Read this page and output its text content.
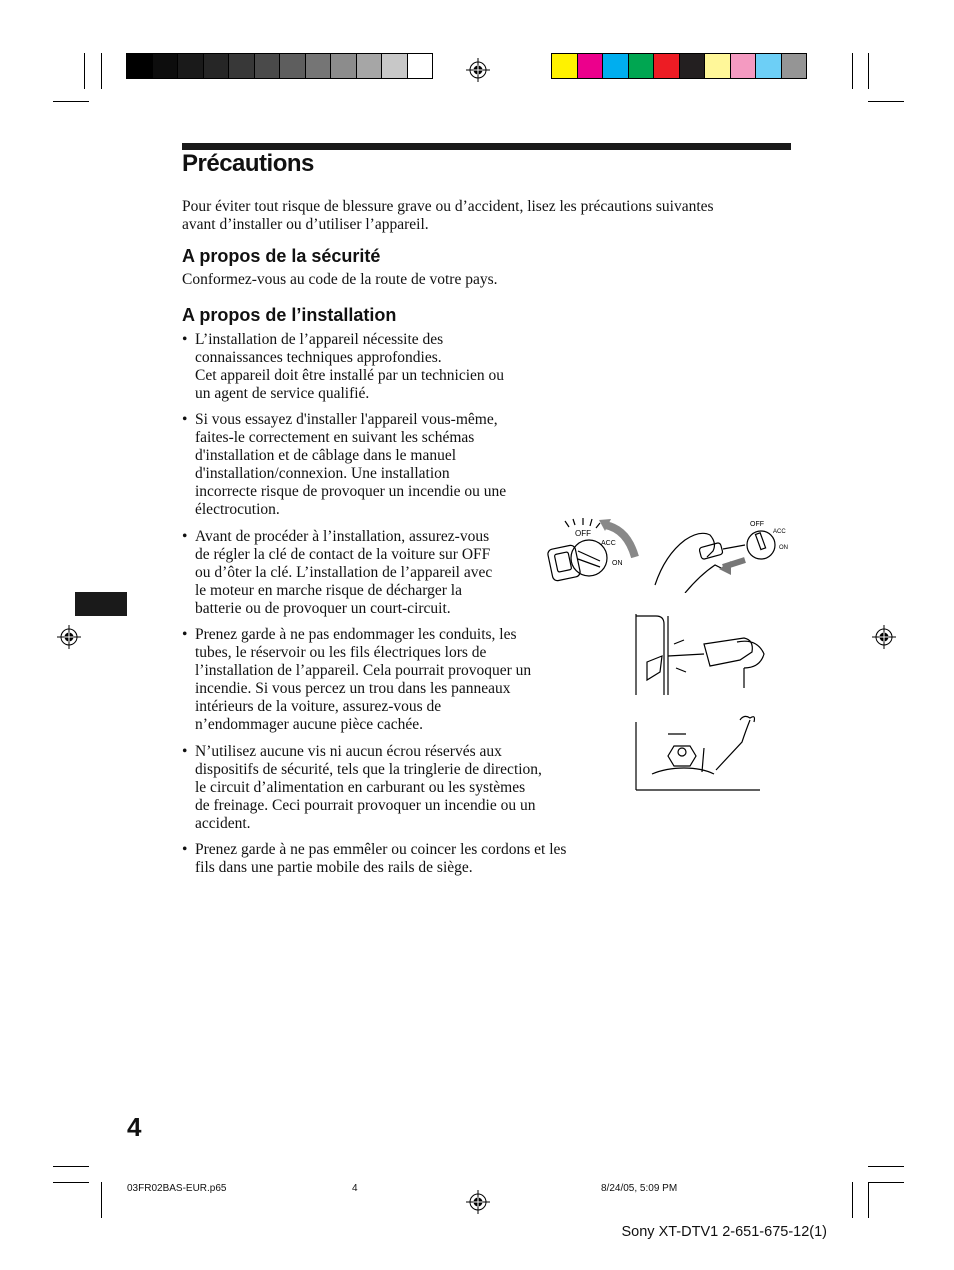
Précautions
Pour éviter tout risque de blessure grave ou d’accident, lisez les précautions suivantes avant d’installer ou d’utiliser l’appareil.
A propos de la sécurité
Conformez-vous au code de la route de votre pays.
A propos de l’installation
• L’installation de l’appareil nécessite des
connaissances techniques approfondies.
Cet appareil doit être installé par un technicien ou
un agent de service qualifié.
• Si vous essayez d'installer l'appareil vous-même,
faites-le correctement en suivant les schémas
d'installation et de câblage dans le manuel
d'installation/connexion. Une installation
incorrecte risque de provoquer un incendie ou une
électrocution.
• Avant de procéder à l’installation, assurez-vous
de régler la clé de contact de la voiture sur OFF
ou d’ôter la clé. L’installation de l’appareil avec
le moteur en marche risque de décharger la
batterie ou de provoquer un court-circuit.
• Prenez garde à ne pas endommager les conduits, les
tubes, le réservoir ou les fils électriques lors de
l’installation de l’appareil. Cela pourrait provoquer un
incendie. Si vous percez un trou dans les panneaux
intérieurs de la voiture, assurez-vous de
n’endommager aucune pièce cachée.
• N’utilisez aucune vis ni aucun écrou réservés aux
dispositifs de sécurité, tels que la tringlerie de direction,
le circuit d’alimentation en carburant ou les systèmes
de freinage. Ceci pourrait provoquer un incendie ou un
accident.
• Prenez garde à ne pas emmêler ou coincer les cordons et les
fils dans une partie mobile des rails de siège.
OFF
ACC
ON
OFF
ACC
ON
4
03FR02BAS-EUR.p65	4	8/24/05, 5:09 PM
Sony XT-DTV1 2-651-675-12(1)
